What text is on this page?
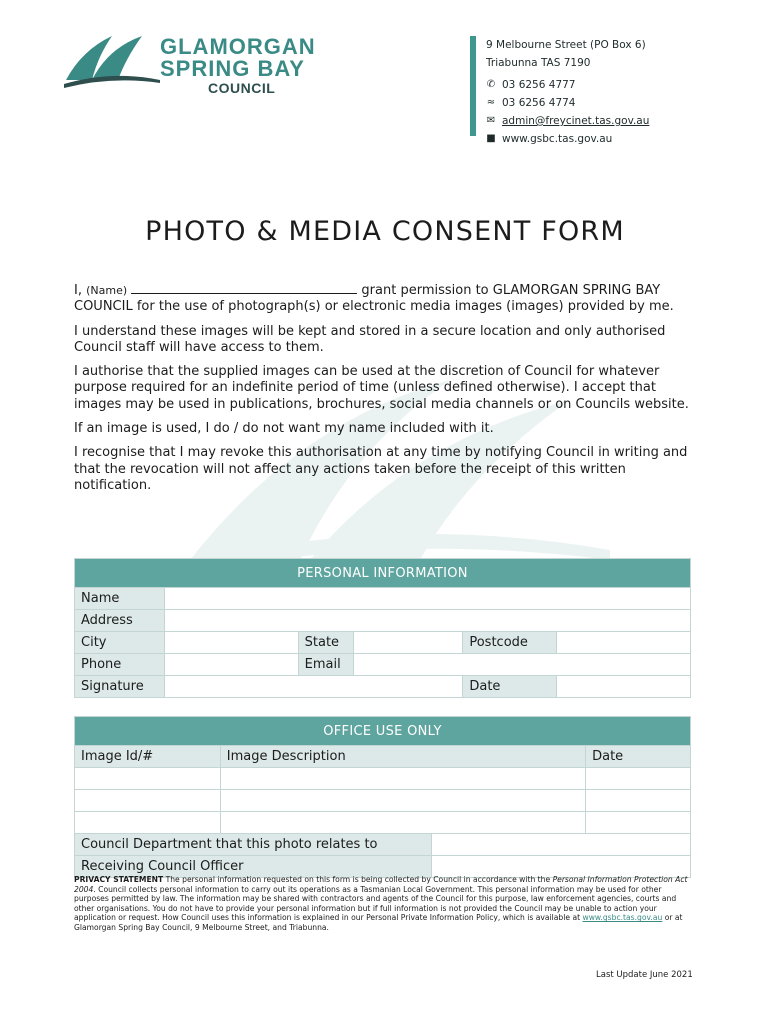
GLAMORGAN
SPRING BAY
COUNCIL
9 Melbourne Street (PO Box 6)
Triabunna TAS 7190
✆ 03 6256 4777
≈ 03 6256 4774
✉ admin@freycinet.tas.gov.au
■ www.gsbc.tas.gov.au
PHOTO & MEDIA CONSENT FORM

I, (Name)	grant permission to GLAMORGAN SPRING BAY COUNCIL for the use of photograph(s) or electronic media images (images) provided by me.

I understand these images will be kept and stored in a secure location and only authorised Council staff will have access to them.

I authorise that the supplied images can be used at the discretion of Council for whatever purpose required for an indefinite period of time (unless defined otherwise). I accept that images may be used in publications, brochures, social media channels or on Councils website.

If an image is used, I do / do not want my name included with it.

I recognise that I may revoke this authorisation at any time by notifying Council in writing and that the revocation will not affect any actions taken before the receipt of this written notification.

PERSONAL INFORMATION					
Name					
Address					
City		State		Postcode	
Phone		Email			
Signature				Date	
OFFICE USE ONLY			
Image Id/#	Image Description		Date

Council Department that this photo relates to			
Receiving Council Officer			
PRIVACY STATEMENT The personal information requested on this form is being collected by Council in accordance with the Personal Information Protection Act 2004. Council collects personal information to carry out its operations as a Tasmanian Local Government. This personal information may be used for other purposes permitted by law. The information may be shared with contractors and agents of the Council for this purpose, law enforcement agencies, courts and other organisations. You do not have to provide your personal information but if full information is not provided the Council may be unable to action your application or request. How Council uses this information is explained in our Personal Private Information Policy, which is available at www.gsbc.tas.gov.au or at Glamorgan Spring Bay Council, 9 Melbourne Street, and Triabunna.
Last Update June 2021
